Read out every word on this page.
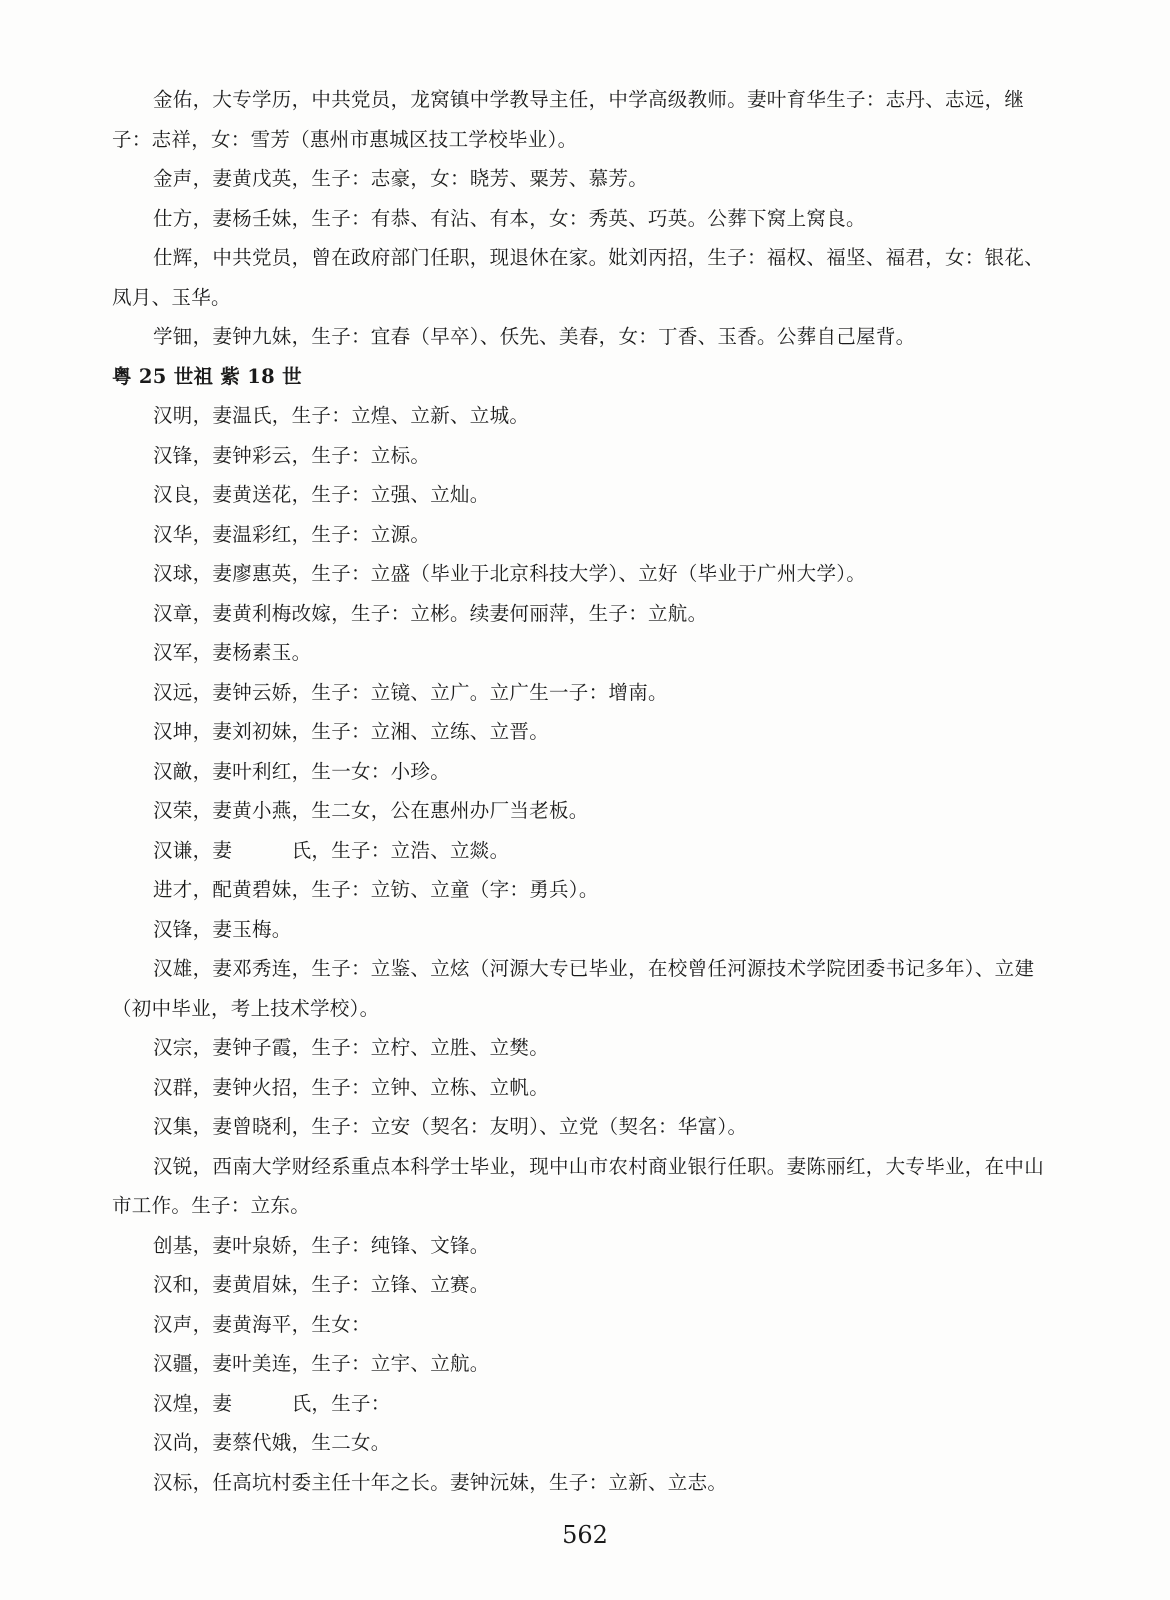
金佑，大专学历，中共党员，龙窝镇中学教导主任，中学高级教师。妻叶育华生子：志丹、志远，继子：志祥，女：雪芳（惠州市惠城区技工学校毕业）。

金声，妻黄戊英，生子：志豪，女：晓芳、粟芳、慕芳。

仕方，妻杨壬妹，生子：有恭、有沾、有本，女：秀英、巧英。公葬下窝上窝良。

仕辉，中共党员，曾在政府部门任职，现退休在家。妣刘丙招，生子：福权、福坚、福君，女：银花、凤月、玉华。

学钿，妻钟九妹，生子：宜春（早卒）、仸先、美春，女：丁香、玉香。公葬自己屋背。

粤 25 世祖 紫 18 世

汉明，妻温氏，生子：立煌、立新、立城。

汉锋，妻钟彩云，生子：立标。

汉良，妻黄送花，生子：立强、立灿。

汉华，妻温彩红，生子：立源。

汉球，妻廖惠英，生子：立盛（毕业于北京科技大学）、立好（毕业于广州大学）。

汉章，妻黄利梅改嫁，生子：立彬。续妻何丽萍，生子：立航。

汉军，妻杨素玉。

汉远，妻钟云娇，生子：立镜、立广。立广生一子：增南。

汉坤，妻刘初妹，生子：立湘、立练、立晋。

汉敵，妻叶利红，生一女：小珍。

汉荣，妻黄小燕，生二女，公在惠州办厂当老板。

汉谦，妻　　　氏，生子：立浩、立燚。

进才，配黄碧妹，生子：立钫、立童（字：勇兵）。

汉锋，妻玉梅。

汉雄，妻邓秀连，生子：立鉴、立炫（河源大专已毕业，在校曾任河源技术学院团委书记多年）、立建（初中毕业，考上技术学校）。

汉宗，妻钟子霞，生子：立柠、立胜、立樊。

汉群，妻钟火招，生子：立钟、立栋、立帆。

汉集，妻曾晓利，生子：立安（契名：友明）、立党（契名：华富）。

汉锐，西南大学财经系重点本科学士毕业，现中山市农村商业银行任职。妻陈丽红，大专毕业，在中山市工作。生子：立东。

创基，妻叶泉娇，生子：纯锋、文锋。

汉和，妻黄眉妹，生子：立锋、立赛。

汉声，妻黄海平，生女：

汉疆，妻叶美连，生子：立宇、立航。

汉煌，妻　　　氏，生子：

汉尚，妻蔡代娥，生二女。

汉标，任高坑村委主任十年之长。妻钟沅妹，生子：立新、立志。

562
